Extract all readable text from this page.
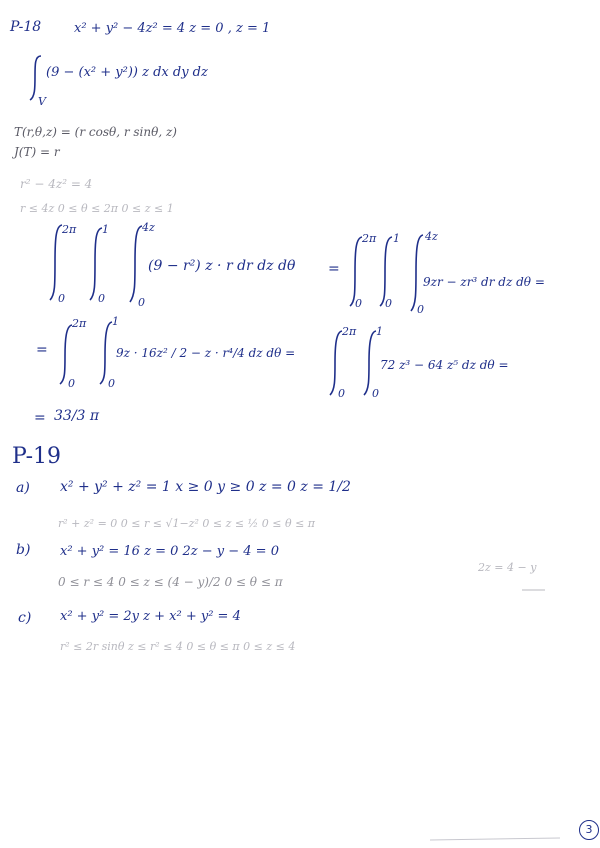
P-18	x² + y² − 4z² = 4 z = 0 , z = 1
V
(9 − (x² + y²)) z dx dy dz
T(r,θ,z) = (r cosθ, r sinθ, z)
J(T) = r
r² − 4z² = 4
r ≤ 4z 0 ≤ θ ≤ 2π 0 ≤ z ≤ 1
2π 1	4z
0	0	0
(9 − r²) z · r dr dz dθ =
2π 1 4z
0 0 0
9zr − zr³ dr dz dθ =
=
2π 1
0	0
9z · 16z² / 2 − z · r⁴/4 dz dθ =
2π 1
0 0
72 z³ − 64 z⁵ dz dθ =
= 33/3 π
P-19
a) x² + y² + z² = 1 x ≥ 0 y ≥ 0 z = 0 z = 1/2
r² + z² = 0 0 ≤ r ≤ √1−z² 0 ≤ z ≤ ½ 0 ≤ θ ≤ π
b) x² + y² = 16 z = 0 2z − y − 4 = 0
2z = 4 − y
0 ≤ r ≤ 4 0 ≤ z ≤ (4 − y)/2 0 ≤ θ ≤ π
c) x² + y² = 2y z + x² + y² = 4
r² ≤ 2r sinθ z ≤ r² ≤ 4 0 ≤ θ ≤ π 0 ≤ z ≤ 4
3
